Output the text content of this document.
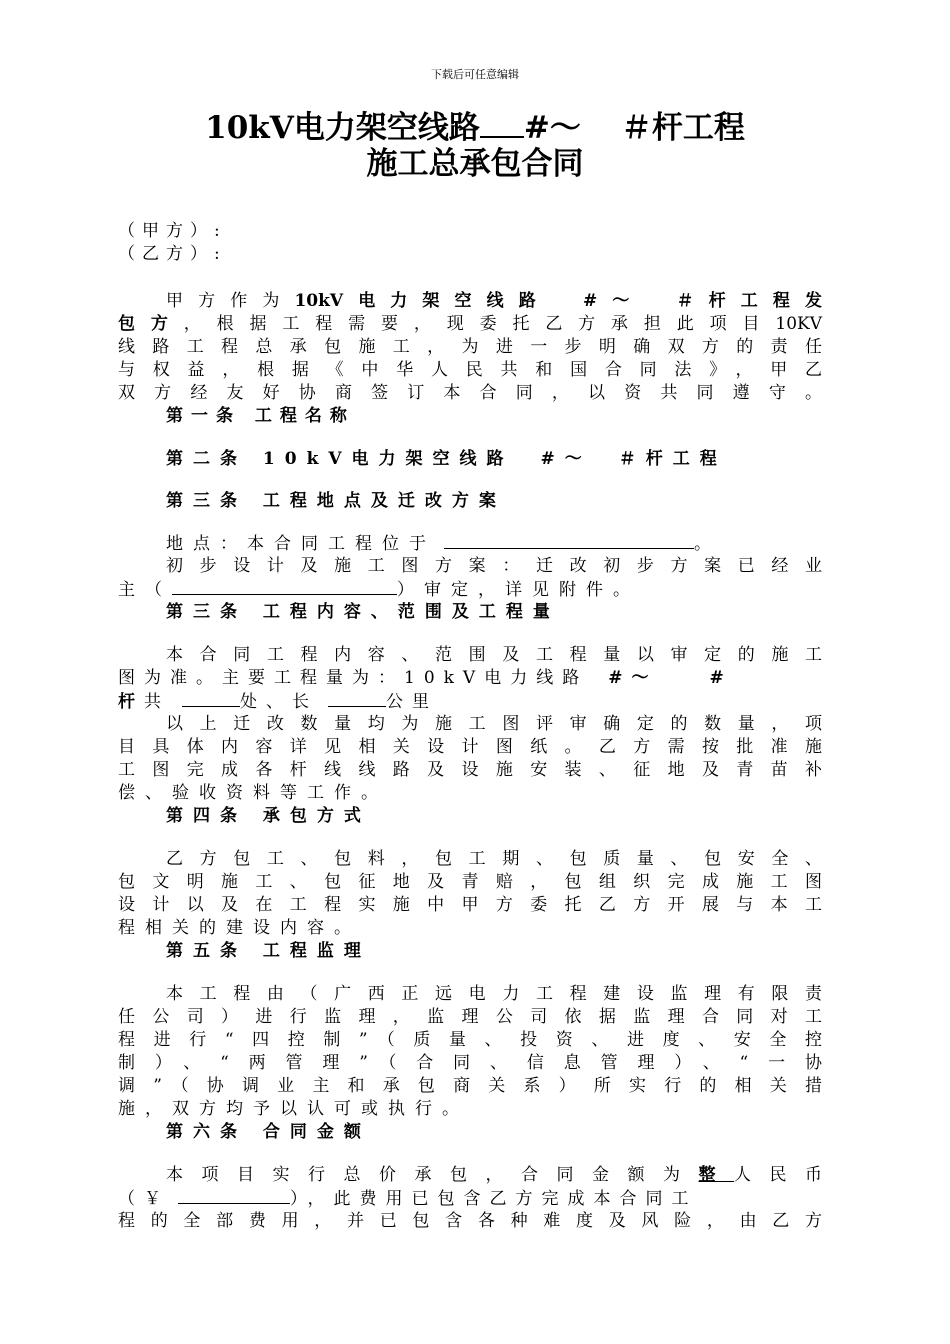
下载后可任意编辑
10kV电力架空线路 #～ ＃杆工程
施工总承包合同
（甲方）:
（乙方）:
甲方作为10kV电力架空线路　#～　＃杆工程发
包方，根据工程需要，现委托乙方承担此项目10KV
线路工程总承包施工，为进一步明确双方的责任
与权益，根据《中华人民共和国合同法》，甲乙
双方经友好协商签订本合同，以资共同遵守。
第一条 工程名称
第二条 10kV电力架空线路　#～　＃杆工程
第三条 工程地点及迁改方案
地点：本合同工程位于	。
初步设计及施工图方案：迁改初步方案已经业
主（	）审定，详见附件。
第三条 工程内容、范围及工程量
本合同工程内容、范围及工程量以审定的施工
图为准。主要工程量为：10kV电力线路 #～　　#
杆共	处、长	公里
以上迁改数量均为施工图评审确定的数量，项
目具体内容详见相关设计图纸。乙方需按批准施
工图完成各杆线线路及设施安装、征地及青苗补
偿、验收资料等工作。
第四条 承包方式
乙方包工、包料，包工期、包质量、包安全、
包文明施工、包征地及青赔，包组织完成施工图
设计以及在工程实施中甲方委托乙方开展与本工
程相关的建设内容。
第五条 工程监理
本工程由（广西正远电力工程建设监理有限责
任公司）进行监理，监理公司依据监理合同对工
程进行“四控制”（质量、投资、进度、安全控
制）、“两管理”（合同、信息管理）、“一协
调”（协调业主和承包商关系）所实行的相关措
施，双方均予以认可或执行。
第六条 合同金额
本项目实行总价承包，合同金额为整人民币
（￥	），此费用已包含乙方完成本合同工
程的全部费用，并已包含各种难度及风险，由乙方
